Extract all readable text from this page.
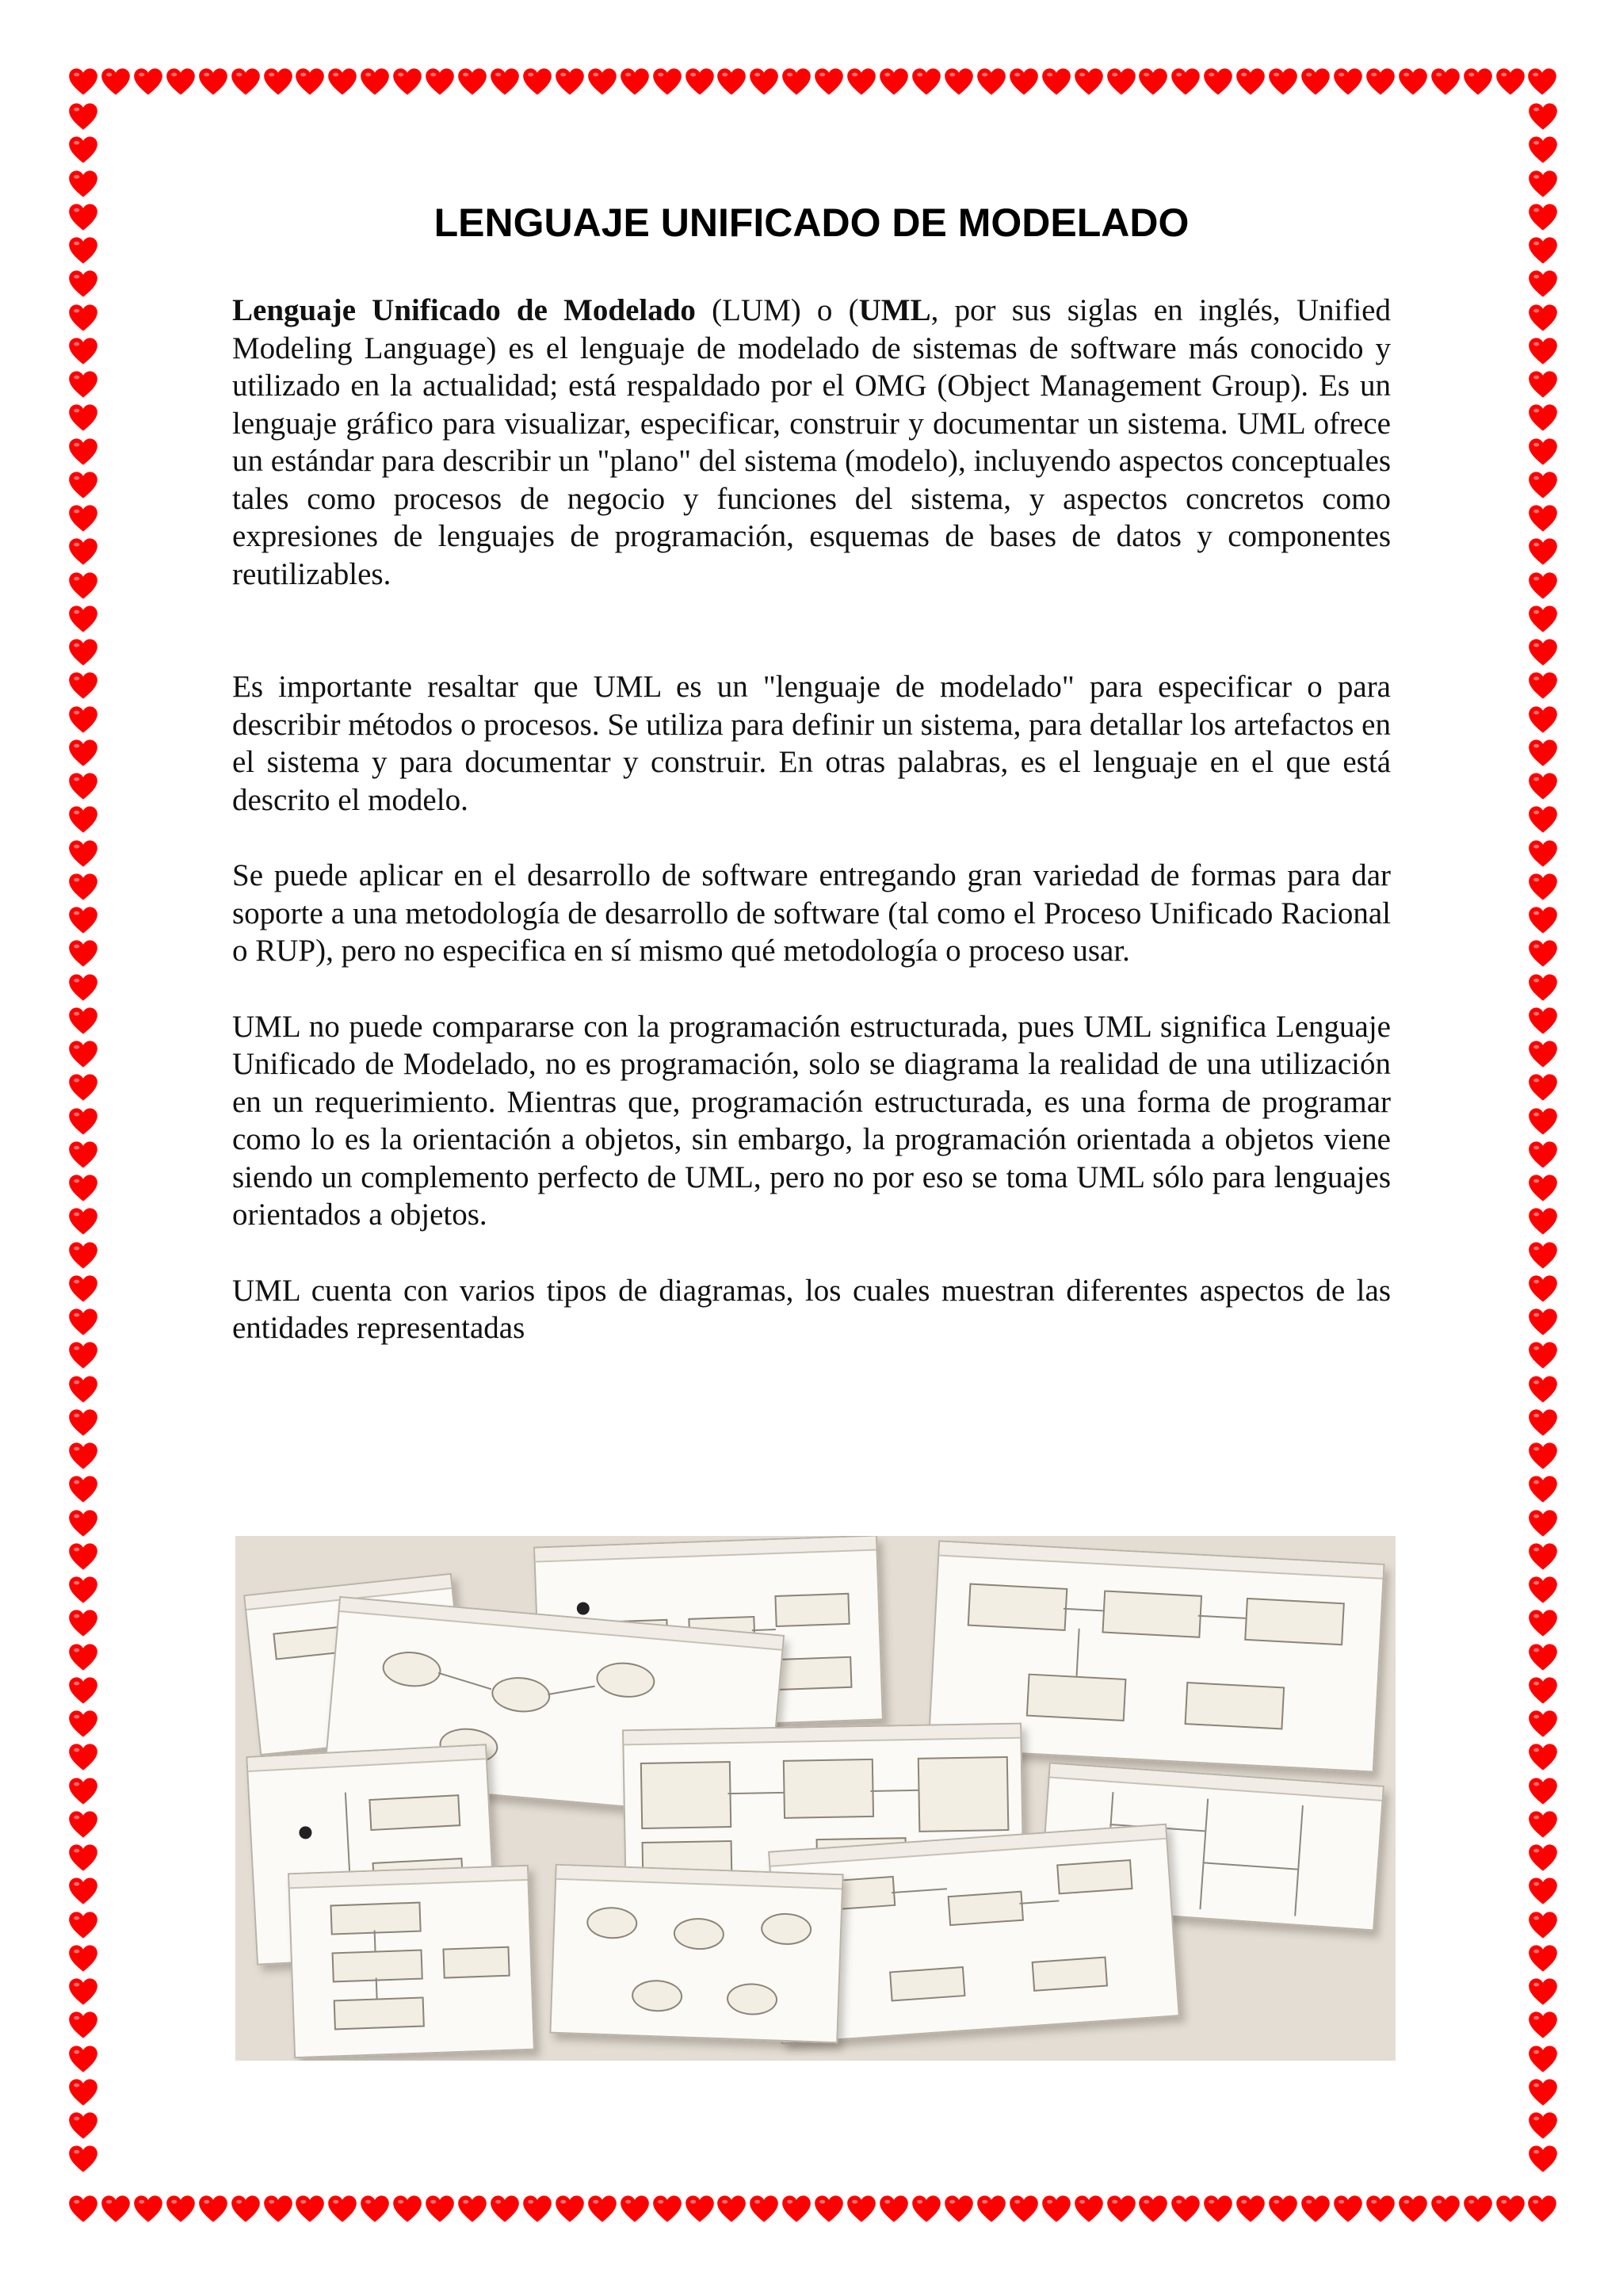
LENGUAJE UNIFICADO DE MODELADO

Lenguaje Unificado de Modelado (LUM) o (UML, por sus siglas en inglés, Unified Modeling Language) es el lenguaje de modelado de sistemas de software más conocido y utilizado en la actualidad; está respaldado por el OMG (Object Management Group). Es un lenguaje gráfico para visualizar, especificar, construir y documentar un sistema. UML ofrece un estándar para describir un "plano" del sistema (modelo), incluyendo aspectos conceptuales tales como procesos de negocio y funciones del sistema, y aspectos concretos como expresiones de lenguajes de programación, esquemas de bases de datos y componentes reutilizables.

Es importante resaltar que UML es un "lenguaje de modelado" para especificar o para describir métodos o procesos. Se utiliza para definir un sistema, para detallar los artefactos en el sistema y para documentar y construir. En otras palabras, es el lenguaje en el que está descrito el modelo.

Se puede aplicar en el desarrollo de software entregando gran variedad de formas para dar soporte a una metodología de desarrollo de software (tal como el Proceso Unificado Racional o RUP), pero no especifica en sí mismo qué metodología o proceso usar.

UML no puede compararse con la programación estructurada, pues UML significa Lenguaje Unificado de Modelado, no es programación, solo se diagrama la realidad de una utilización en un requerimiento. Mientras que, programación estructurada, es una forma de programar como lo es la orientación a objetos, sin embargo, la programación orientada a objetos viene siendo un complemento perfecto de UML, pero no por eso se toma UML sólo para lenguajes orientados a objetos.

UML cuenta con varios tipos de diagramas, los cuales muestran diferentes aspectos de las entidades representadas
